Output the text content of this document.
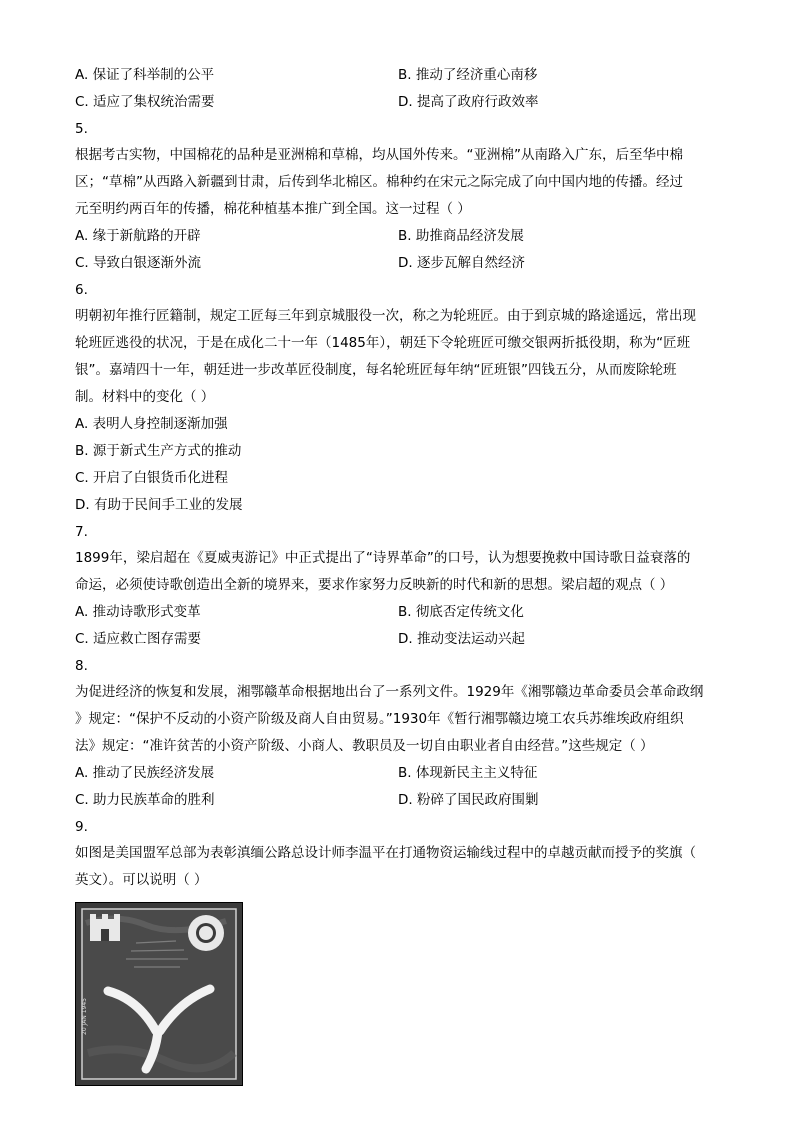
A. 保证了科举制的公平	B. 推动了经济重心南移
C. 适应了集权统治需要	D. 提高了政府行政效率
5.
根据考古实物，中国棉花的品种是亚洲棉和草棉，均从国外传来。“亚洲棉”从南路入广东，后至华中棉
区；“草棉”从西路入新疆到甘肃，后传到华北棉区。棉种约在宋元之际完成了向中国内地的传播。经过
元至明约两百年的传播，棉花种植基本推广到全国。这一过程（ ）
A. 缘于新航路的开辟	B. 助推商品经济发展
C. 导致白银逐渐外流	D. 逐步瓦解自然经济
6.
明朝初年推行匠籍制，规定工匠每三年到京城服役一次，称之为轮班匠。由于到京城的路途遥远，常出现
轮班匠逃役的状况，于是在成化二十一年（1485年），朝廷下令轮班匠可缴交银两折抵役期，称为“匠班
银”。嘉靖四十一年，朝廷进一步改革匠役制度，每名轮班匠每年纳“匠班银”四钱五分，从而废除轮班
制。材料中的变化（ ）
A. 表明人身控制逐渐加强
B. 源于新式生产方式的推动
C. 开启了白银货币化进程
D. 有助于民间手工业的发展
7.
1899年，梁启超在《夏威夷游记》中正式提出了“诗界革命”的口号，认为想要挽救中国诗歌日益衰落的
命运，必须使诗歌创造出全新的境界来，要求作家努力反映新的时代和新的思想。梁启超的观点（ ）
A. 推动诗歌形式变革	B. 彻底否定传统文化
C. 适应救亡图存需要	D. 推动变法运动兴起
8.
为促进经济的恢复和发展，湘鄂赣革命根据地出台了一系列文件。1929年《湘鄂赣边革命委员会革命政纲
》规定：“保护不反动的小资产阶级及商人自由贸易。”1930年《暂行湘鄂赣边境工农兵苏维埃政府组织
法》规定：“准许贫苦的小资产阶级、小商人、教职员及一切自由职业者自由经营。”这些规定（ ）
A. 推动了民族经济发展	B. 体现新民主主义特征
C. 助力民族革命的胜利	D. 粉碎了国民政府围剿
9.
如图是美国盟军总部为表彰滇缅公路总设计师李温平在打通物资运输线过程中的卓越贡献而授予的奖旗（
英文）。可以说明（ ）
20 JAN 1945
